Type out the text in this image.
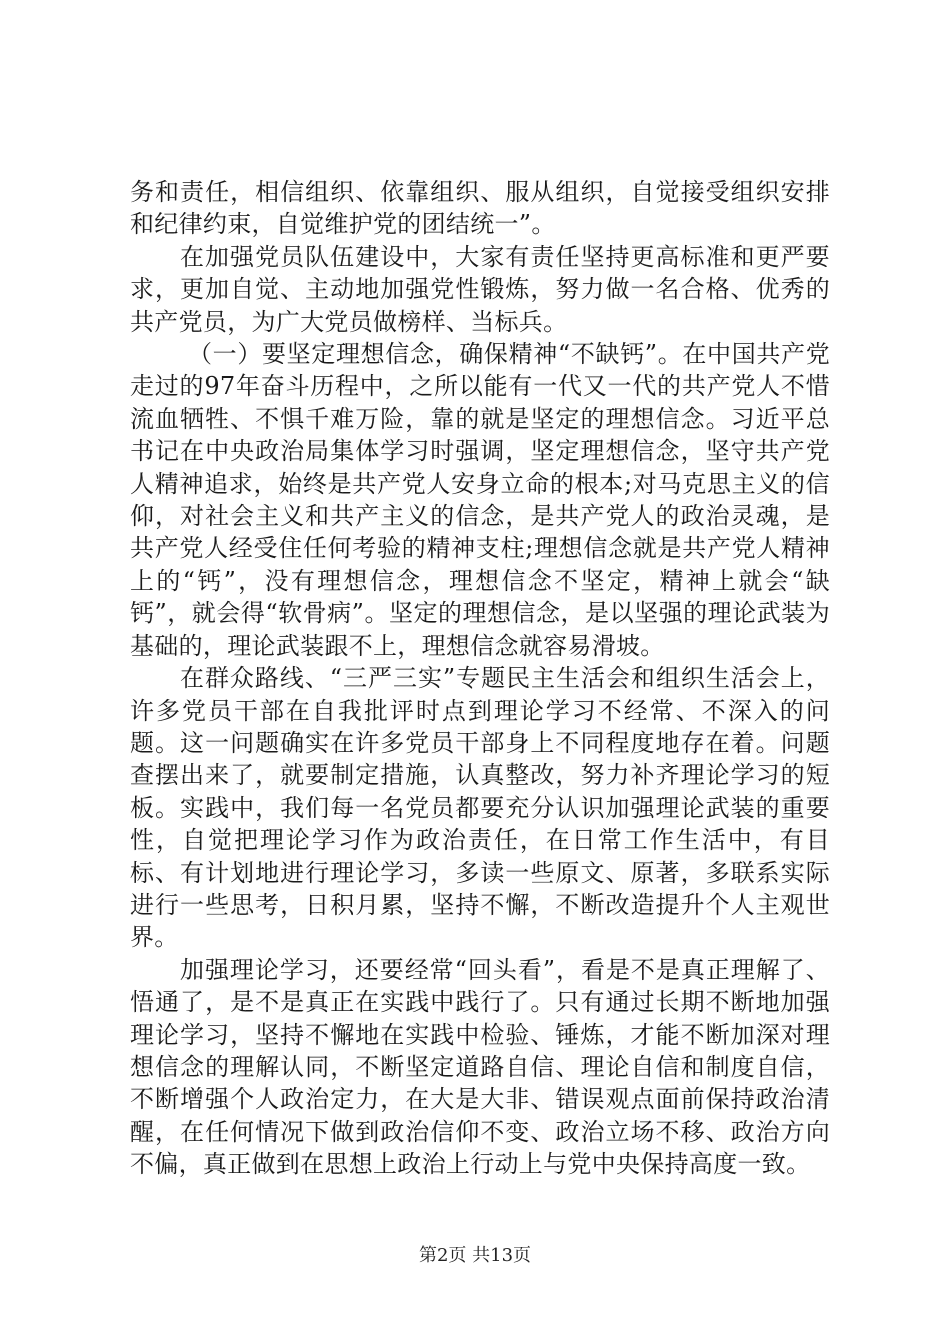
务和责任，相信组织、依靠组织、服从组织，自觉接受组织安排和纪律约束，自觉维护党的团结统一”。

在加强党员队伍建设中，大家有责任坚持更高标准和更严要求，更加自觉、主动地加强党性锻炼，努力做一名合格、优秀的共产党员，为广大党员做榜样、当标兵。

（一）要坚定理想信念，确保精神“不缺钙”。在中国共产党走过的97年奋斗历程中，之所以能有一代又一代的共产党人不惜流血牺牲、不惧千难万险，靠的就是坚定的理想信念。习近平总书记在中央政治局集体学习时强调，坚定理想信念，坚守共产党人精神追求，始终是共产党人安身立命的根本;对马克思主义的信仰，对社会主义和共产主义的信念，是共产党人的政治灵魂，是共产党人经受住任何考验的精神支柱;理想信念就是共产党人精神上的“钙”，没有理想信念，理想信念不坚定，精神上就会“缺钙”，就会得“软骨病”。坚定的理想信念，是以坚强的理论武装为基础的，理论武装跟不上，理想信念就容易滑坡。

在群众路线、“三严三实”专题民主生活会和组织生活会上，许多党员干部在自我批评时点到理论学习不经常、不深入的问题。这一问题确实在许多党员干部身上不同程度地存在着。问题查摆出来了，就要制定措施，认真整改，努力补齐理论学习的短板。实践中，我们每一名党员都要充分认识加强理论武装的重要性，自觉把理论学习作为政治责任，在日常工作生活中，有目标、有计划地进行理论学习，多读一些原文、原著，多联系实际进行一些思考，日积月累，坚持不懈，不断改造提升个人主观世界。

加强理论学习，还要经常“回头看”，看是不是真正理解了、悟通了，是不是真正在实践中践行了。只有通过长期不断地加强理论学习，坚持不懈地在实践中检验、锤炼，才能不断加深对理想信念的理解认同，不断坚定道路自信、理论自信和制度自信，不断增强个人政治定力，在大是大非、错误观点面前保持政治清醒，在任何情况下做到政治信仰不变、政治立场不移、政治方向不偏，真正做到在思想上政治上行动上与党中央保持高度一致。

第2页 共13页
